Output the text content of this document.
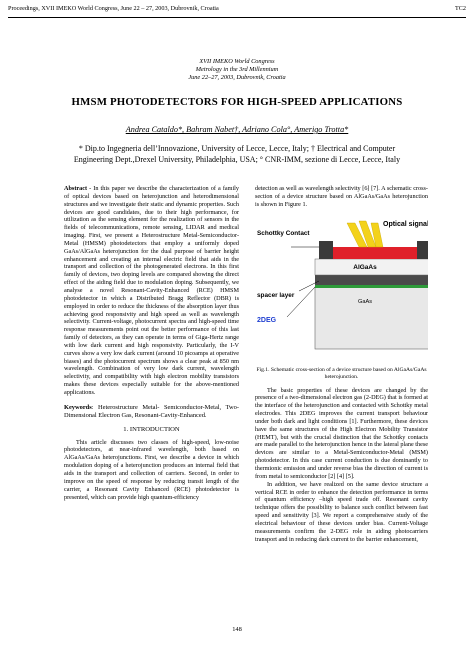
Proceedings, XVII IMEKO World Congress, June 22 – 27, 2003, Dubrovnik, Croatia	TC2
XVII IMEKO World Congress
Metrology in the 3rd Millennium
June 22–27, 2003, Dubrovnik, Croatia
HMSM PHOTODETECTORS FOR HIGH-SPEED APPLICATIONS
Andrea Cataldo*, Bahram Nabet†, Adriano Cola°, Amerigo Trotta*
* Dip.to Ingegneria dell’Innovazione, University of Lecce, Lecce, Italy; † Electrical and Computer Engineering Dept.,Drexel University, Philadelphia, USA; ° CNR-IMM, sezione di Lecce, Lecce, Italy

Abstract - In this paper we describe the characterization of a family of optical devices based on heterojunction and heterodimensional structures and we investigate their static and dynamic properties. Such devices are good candidates, due to their high performance, for utilization as the sensing element for the realization of sensors in the fields of telecommunications, remote sensing, LIDAR and medical imaging. First, we present a Heterostructure Metal-Semiconductor-Metal (HMSM) photodetectors that employ a uniformly doped GaAs/AlGaAs heterojunction for the dual purpose of barrier height enhancement and creating an internal electric field that aids in the transport and collection of the photogenerated electrons. In this first family of devices, two doping levels are compared showing the direct effect of the aiding field due to modulation doping. Subsequently, we analyse a novel Resonant-Cavity-Enhanced (RCE) HMSM photodetector in which a Distributed Bragg Reflector (DBR) is employed in order to reduce the thickness of the absorption layer thus achieving good responsivity and high speed as well as wavelength selectivity. Current-voltage, photocurrent spectra and high-speed time response measurements point out the better performance of this last family of detectors, as they can operate in terms of Giga-Hertz range with low dark current and high responsivity. Particularly, the I-V curves show a very low dark current (around 10 picoamps at operative biases) and the photocurrent spectrum shows a clear peak at 850 nm wavelength. Combination of very low dark current, wavelength selectivity, and compatibility with high electron mobility transistors makes these devices especially suitable for the above-mentioned applications.

Keywords: Heterostructure Metal- Semiconductor-Metal, Two-Dimensional Electron Gas, Resonant-Cavity-Enhanced.

1. INTRODUCTION

This article discusses two classes of high-speed, low-noise photodetectors, at near-infrared wavelength, both based on AlGaAs/GaAs heterojunctions. First, we describe a device in which modulation doping of a heterojunction produces an internal field that aids in the transport and collection of carriers. Second, in order to improve on the speed of response by reducing transit length of the carrier, a Resonant Cavity Enhanced (RCE) photodetector is presented, which can provide high quantum-efficiency

detection as well as wavelength selectivity [6] [7]. A schematic cross-section of a device structure based on AlGaAs/GaAs heterojunction is shown in Figure 1.

Optical signal
Schottky Contact
AlGaAs
spacer layer
2DEG
GaAs

Fig.1. Schematic cross-section of a device structure based on AlGaAs/GaAs heterojunction.

The basic properties of these devices are changed by the presence of a two-dimensional electron gas (2-DEG) that is formed at the interface of the heterojunction and contacted with Schottky metal electrodes. This 2DEG improves the current transport behaviour under both dark and light conditions [1]. Furthermore, these devices have the same structures of the High Electron Mobility Transistor (HEMT), but with the crucial distinction that the Schottky contacts are made parallel to the heterojunction hence in the lateral plane these devices are similar to a Metal-Semiconductor-Metal (MSM) photodetector. In this case current conduction is due dominantly to thermionic emission and under reverse bias the direction of current is from metal to semiconductor [2] [4] [5].

In addition, we have realized on the same device structure a vertical RCE in order to enhance the detection performance in terms of quantum efficiency –high speed trade off. Resonant cavity technique offers the possibility to balance such conflict between fast speed and sensitivity [3]. We report a comprehensive study of the electrical behaviour of these devices under bias. Current-Voltage measurements confirm the 2-DEG role in aiding photocarriers transport and in reducing dark current to the barrier enhancement,

148
